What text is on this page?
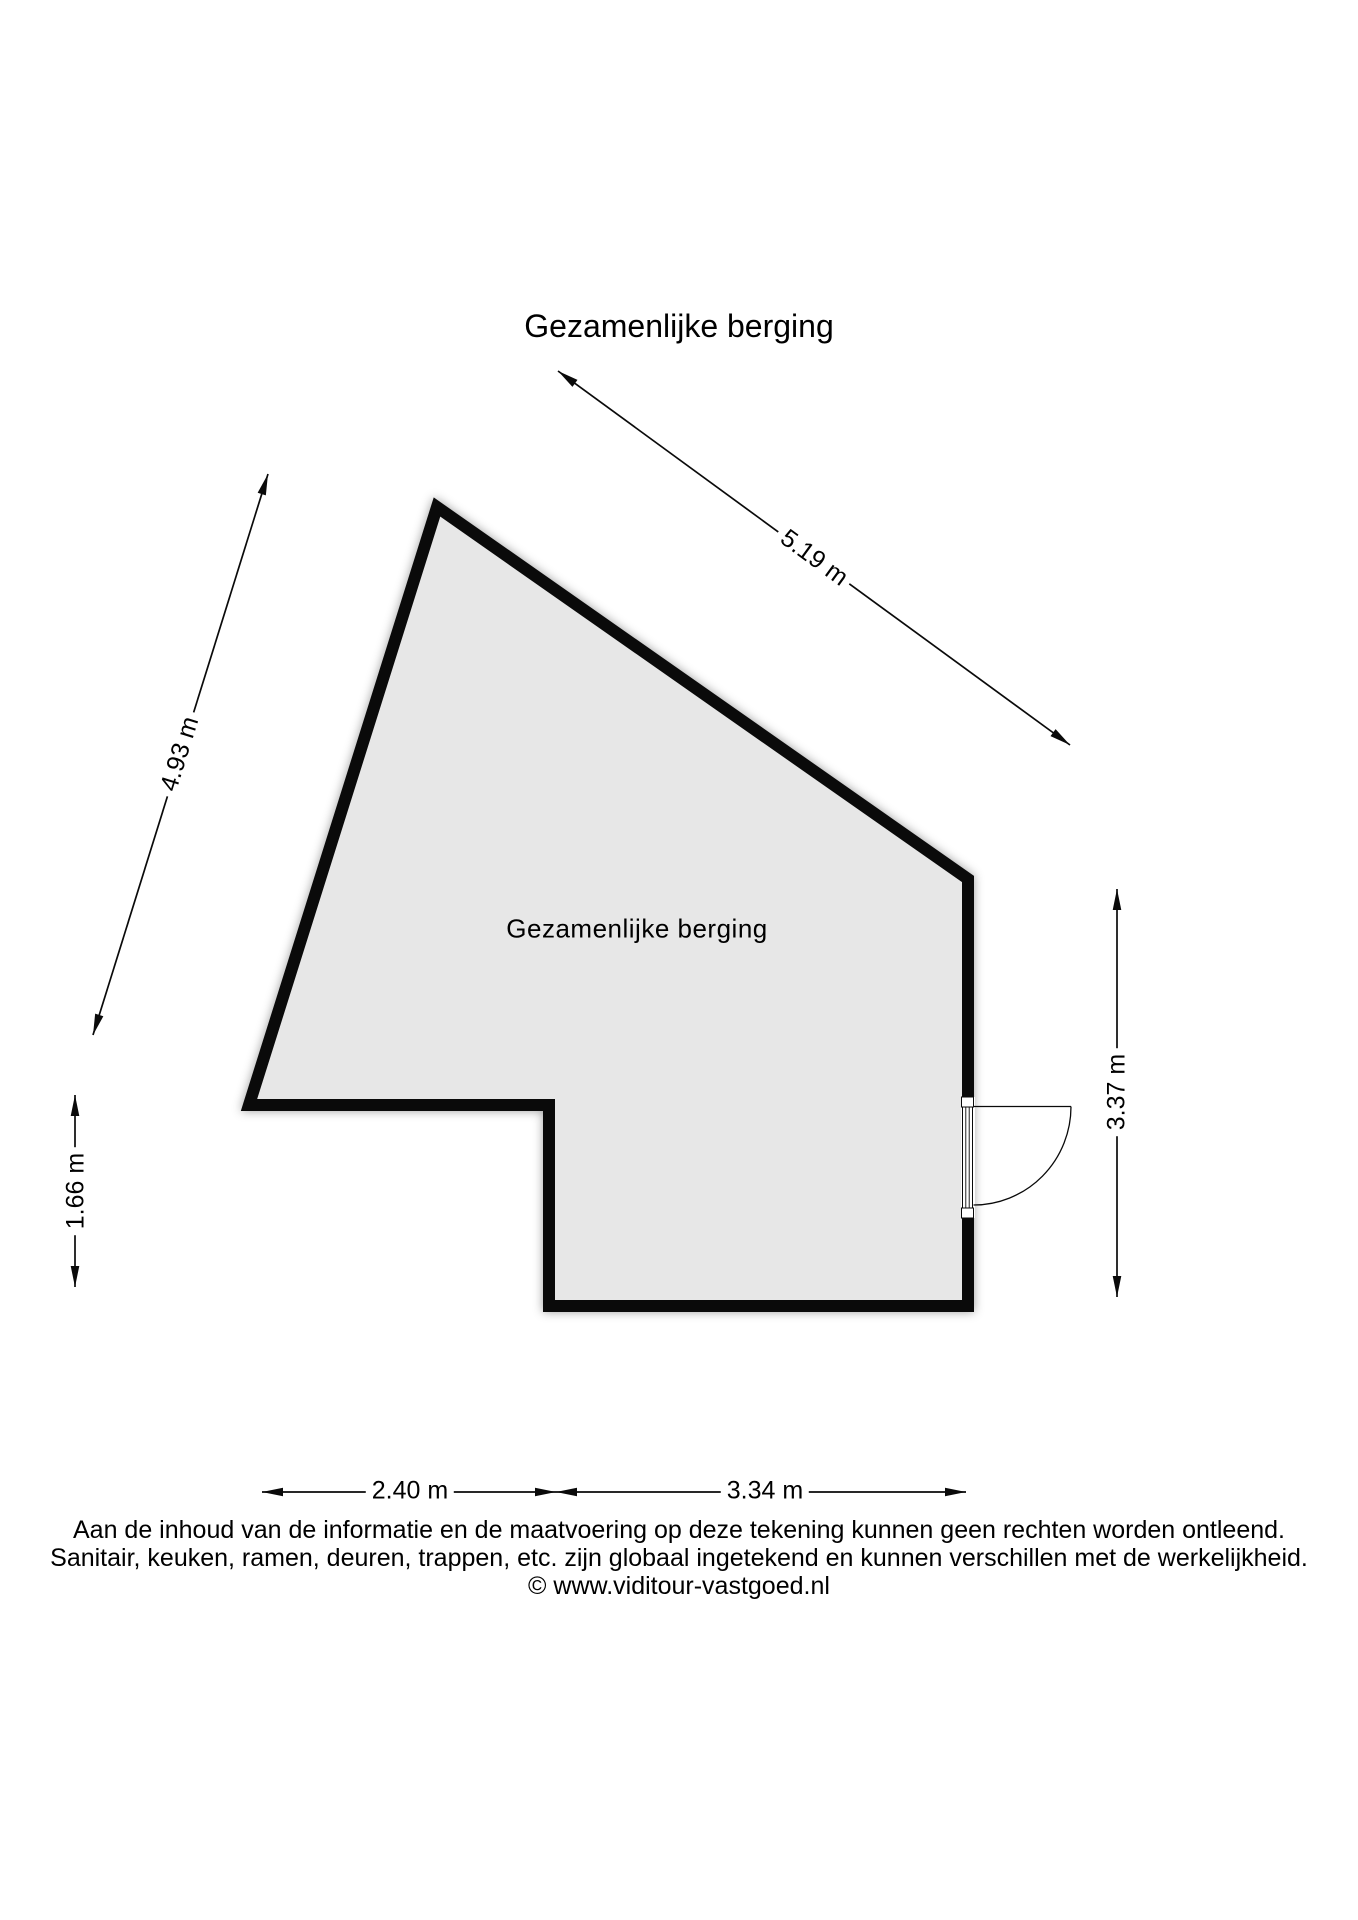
Gezamenlijke berging
Gezamenlijke berging
5.19 m
4.93 m
1.66 m
3.37 m
2.40 m	3.34 m
Aan de inhoud van de informatie en de maatvoering op deze tekening kunnen geen rechten worden ontleend.
Sanitair, keuken, ramen, deuren, trappen, etc. zijn globaal ingetekend en kunnen verschillen met de werkelijkheid.
© www.viditour-vastgoed.nl
